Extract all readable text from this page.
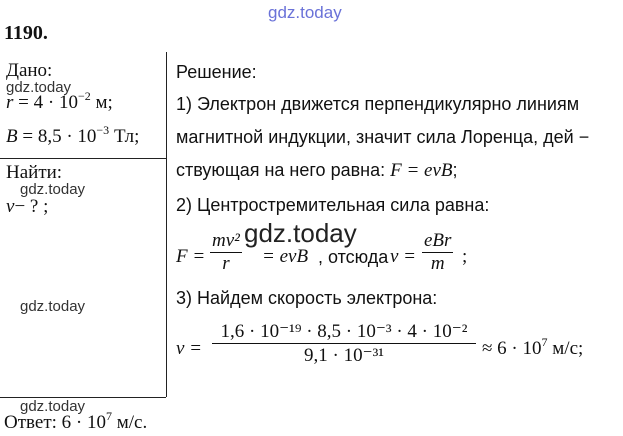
gdz.today
1190.
Дано:
gdz.today
$r = 4 \cdot 10^{-2}$ м;
$B = 8,5 \cdot 10^{-3}$ Тл;
Найти:
gdz.today
v− ? ;
gdz.today
gdz.today
Ответ: $6 \cdot 10^7$ м/с.
Решение:
1) Электрон движется перпендикулярно линиям
магнитной индукции, значит сила Лоренца, дей −
ствующая на него равна: F = evB;
2) Центростремительная сила равна:
F =
mv²
r
gdz.today
= evB , отсюда v =
eBr
m ;
3) Найдем скорость электрона:
v =
1,6 · 10⁻¹⁹ · 8,5 · 10⁻³ · 4 · 10⁻²
9,1 · 10⁻³¹	≈ $6 \cdot 10^7$ м/с;
